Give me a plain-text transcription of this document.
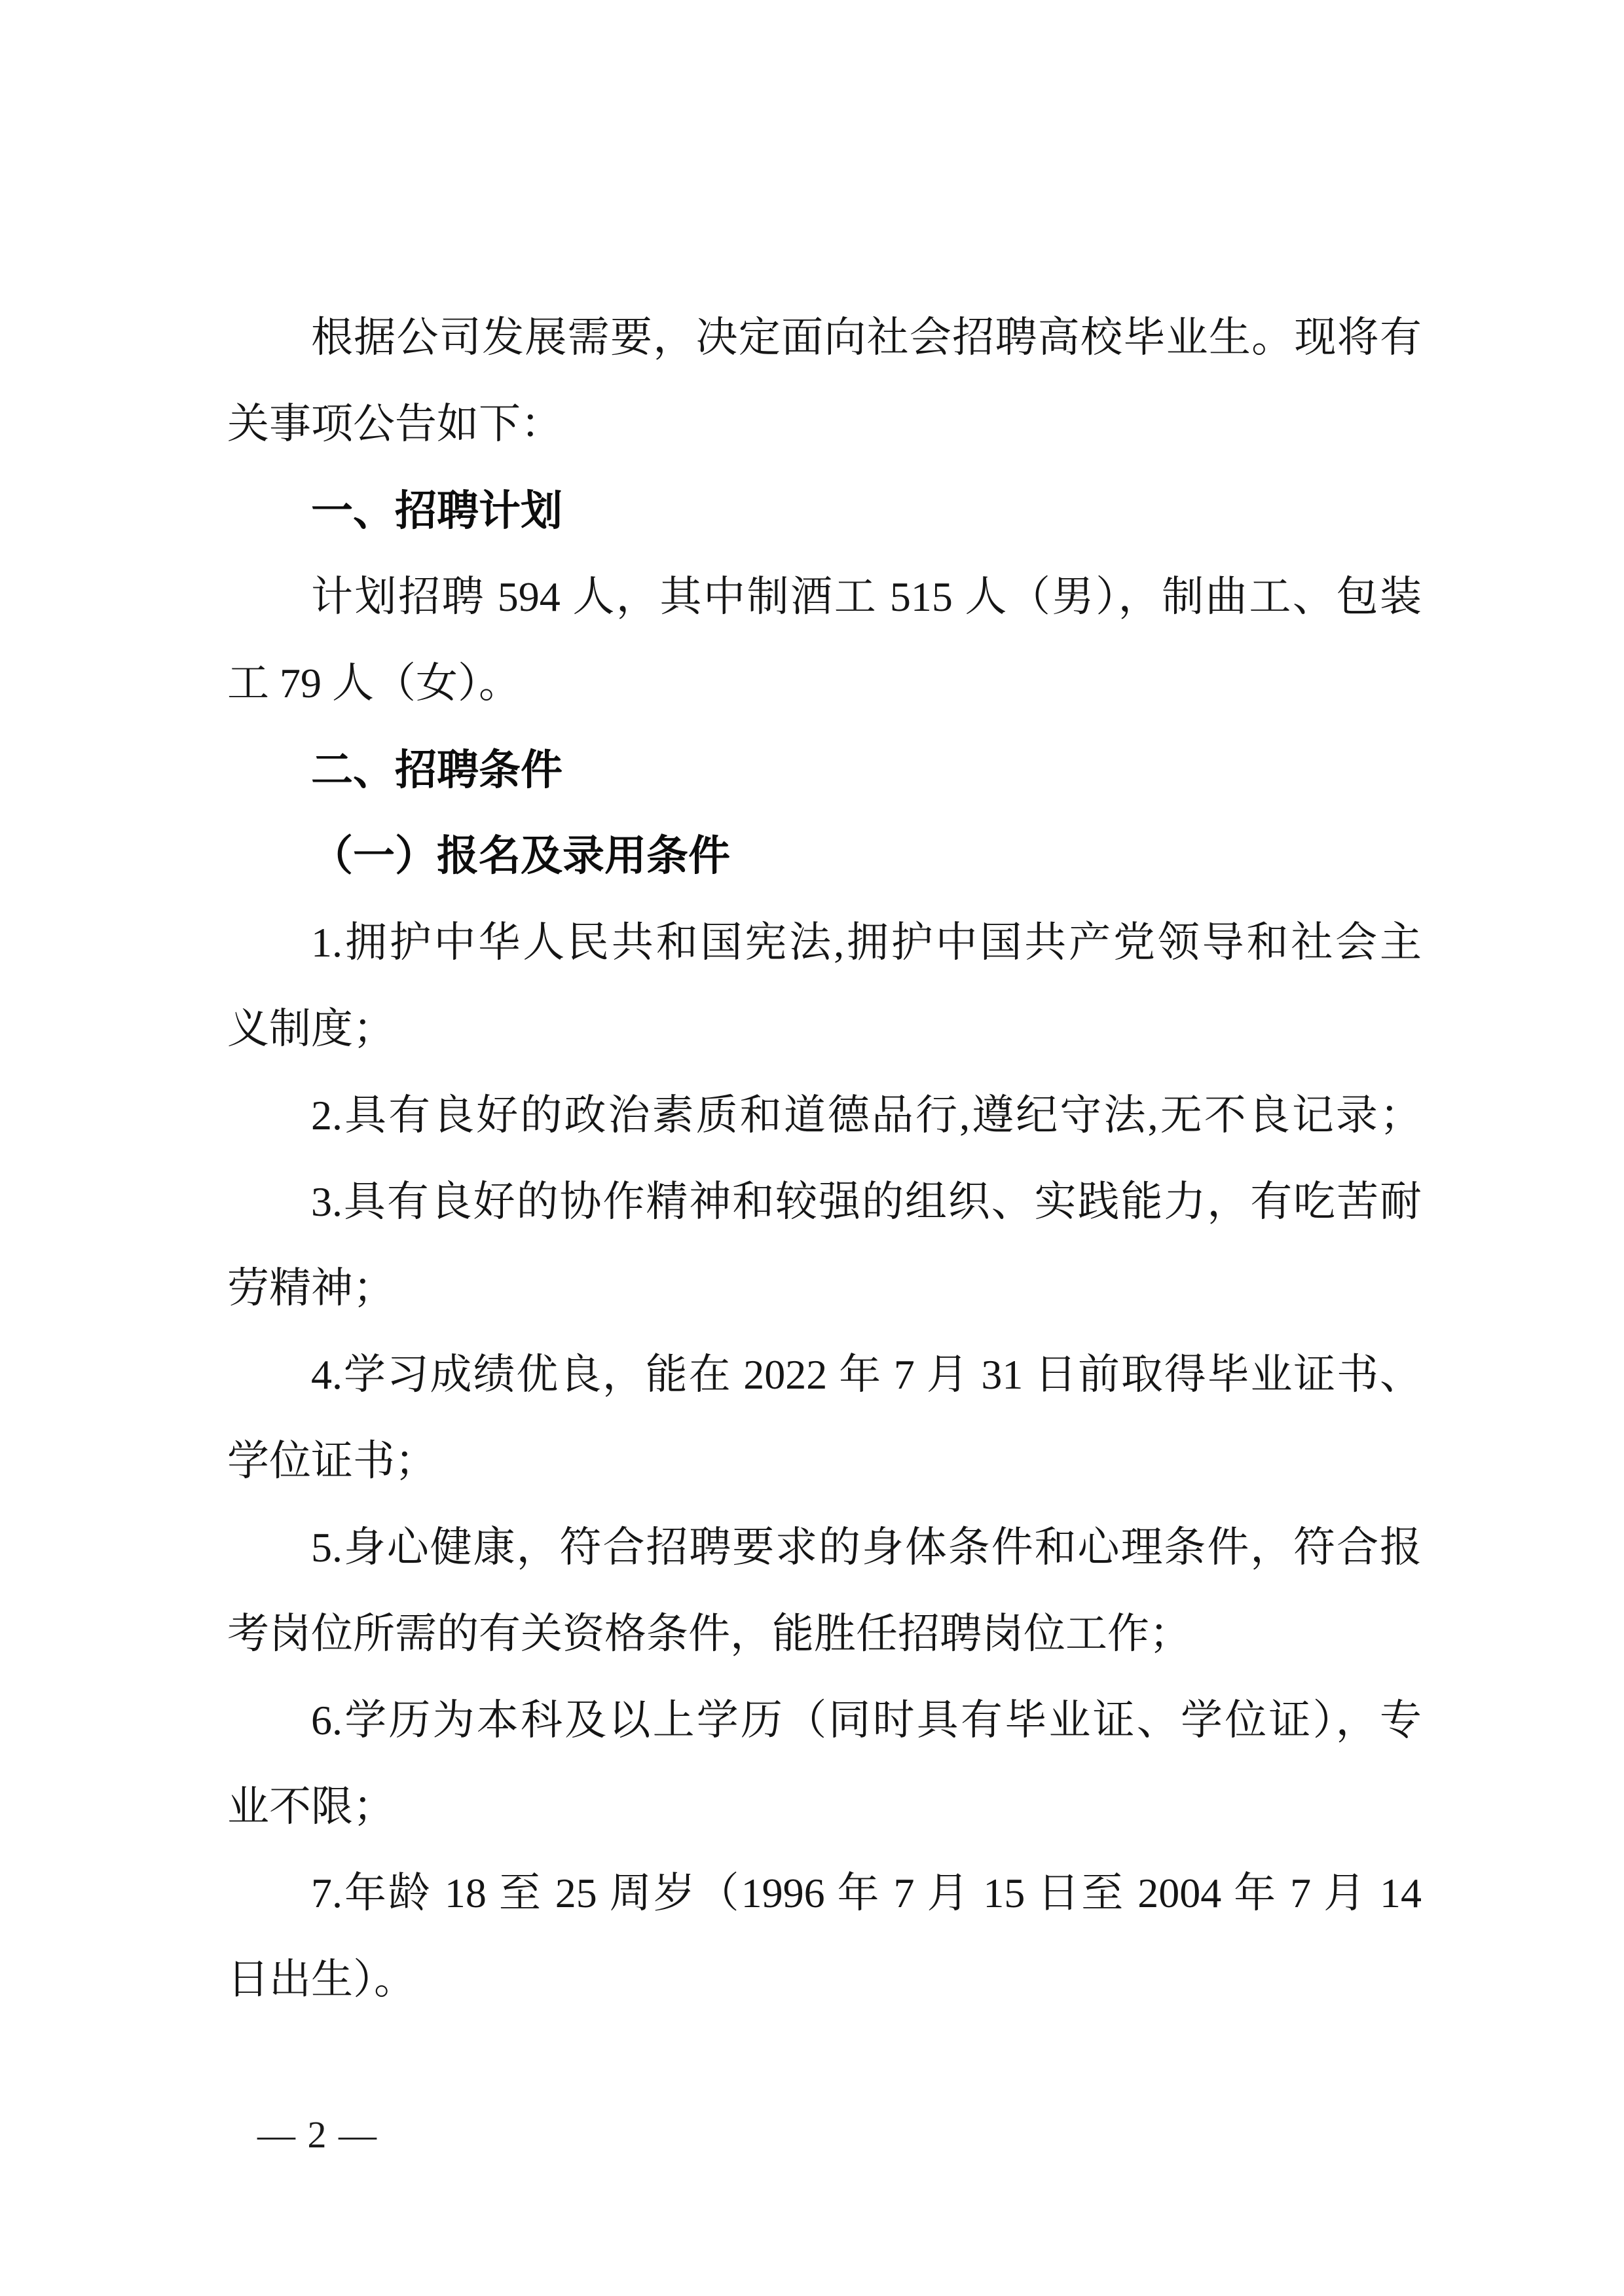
根据公司发展需要，决定面向社会招聘高校毕业生。现将有
关事项公告如下：
一、招聘计划
计划招聘 594 人，其中制酒工 515 人（男），制曲工、包装
工 79 人（女）。
二、招聘条件
（一）报名及录用条件
1.拥护中华人民共和国宪法,拥护中国共产党领导和社会主
义制度；
2.具有良好的政治素质和道德品行,遵纪守法,无不良记录；
3.具有良好的协作精神和较强的组织、实践能力，有吃苦耐
劳精神；
4.学习成绩优良，能在 2022 年 7 月 31 日前取得毕业证书、
学位证书；
5.身心健康，符合招聘要求的身体条件和心理条件，符合报
考岗位所需的有关资格条件，能胜任招聘岗位工作；
6.学历为本科及以上学历（同时具有毕业证、学位证），专
业不限；
7.年龄 18 至 25 周岁（1996 年 7 月 15 日至 2004 年 7 月 14
日出生）。
— 2 —
